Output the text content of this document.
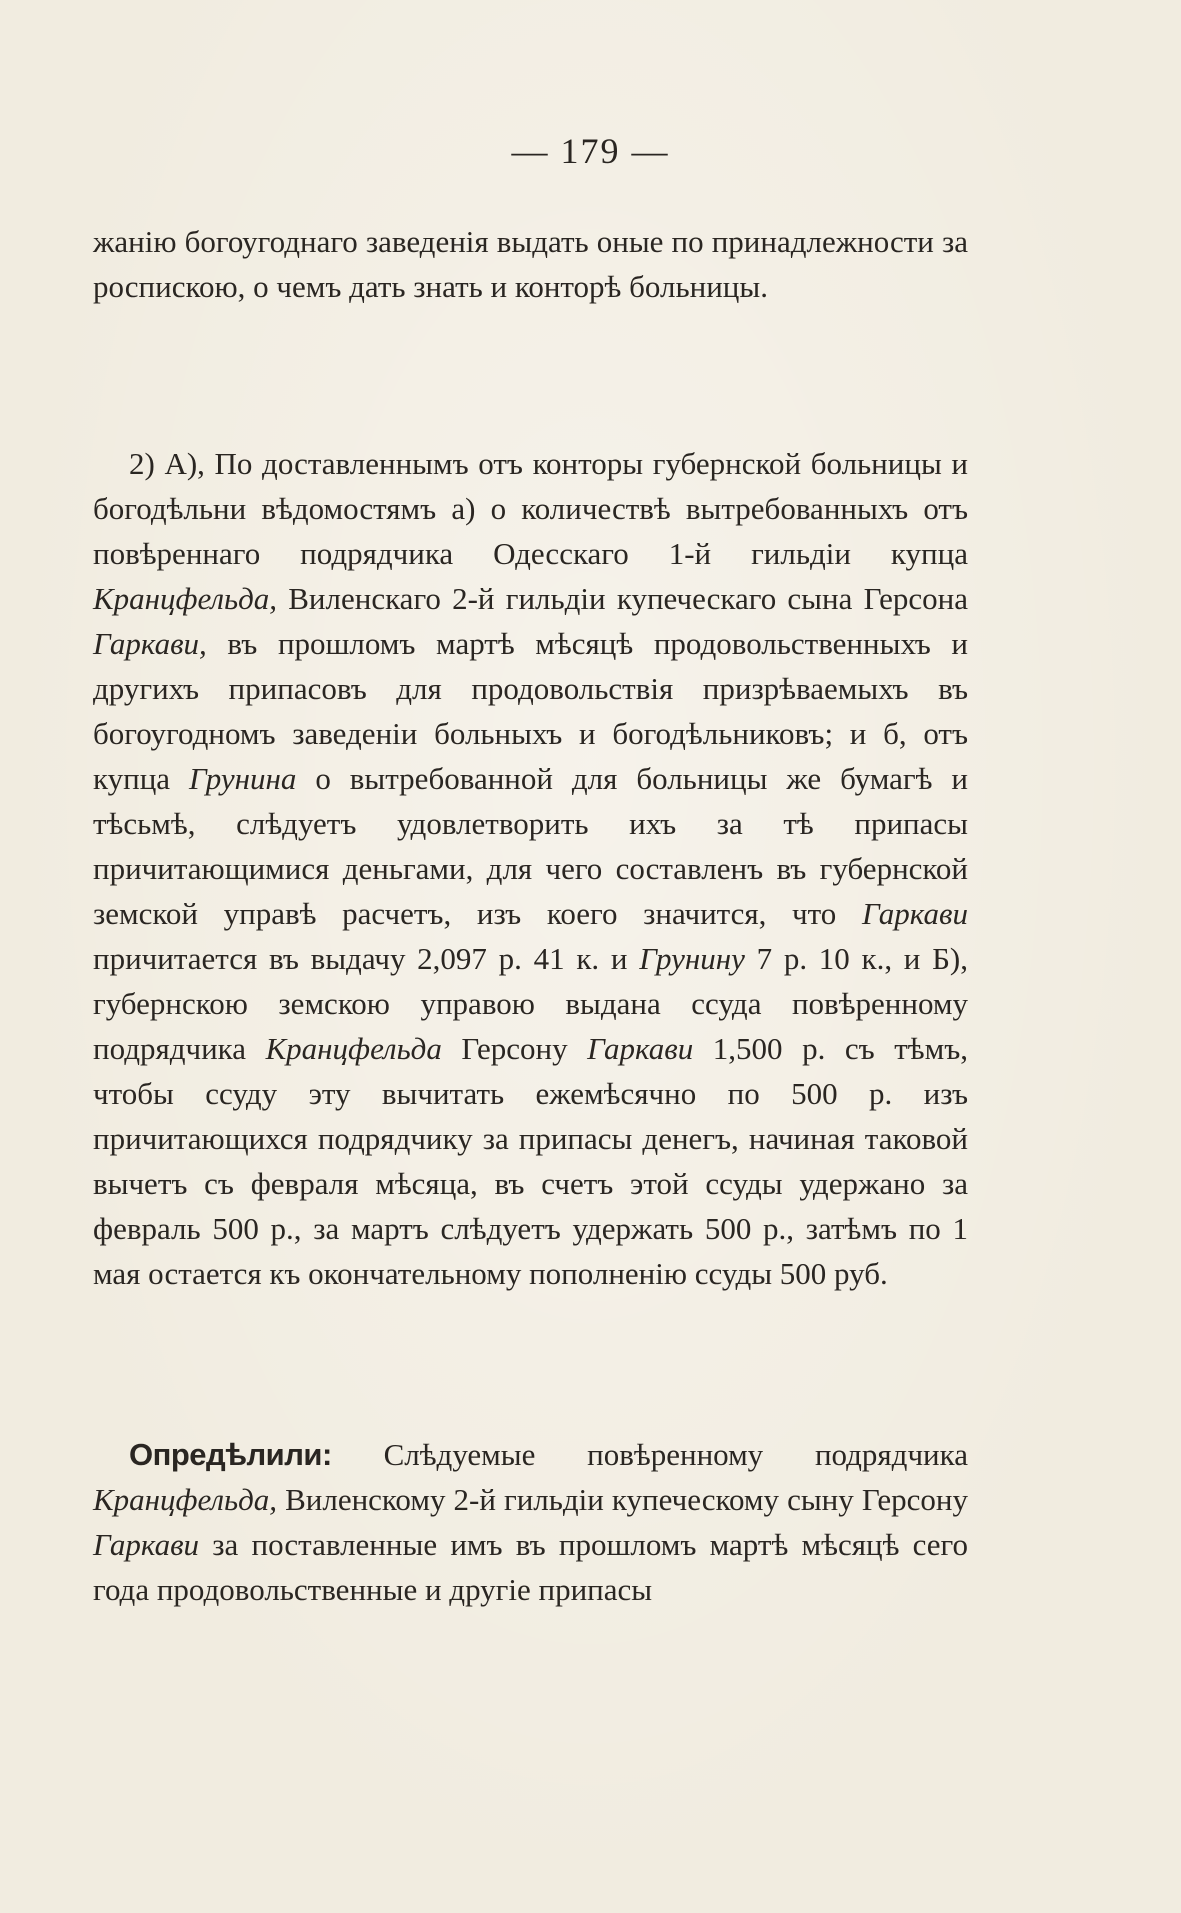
— 179 —

жанію богоугоднаго заведенія выдать оные по принадлежности за роспискою, о чемъ дать знать и конторѣ больницы.

2) А), По доставленнымъ отъ конторы губернской больницы и богодѣльни вѣдомостямъ а) о количествѣ вытребованныхъ отъ повѣреннаго подрядчика Одесскаго 1-й гильдіи купца Кранцфельда, Виленскаго 2-й гильдіи купеческаго сына Герсона Гаркави, въ прошломъ мартѣ мѣсяцѣ продовольственныхъ и другихъ припасовъ для продовольствія призрѣваемыхъ въ богоугодномъ заведеніи больныхъ и богодѣльниковъ; и б, отъ купца Грунина о вытребованной для больницы же бумагѣ и тѣсьмѣ, слѣдуетъ удовлетворить ихъ за тѣ припасы причитающимися деньгами, для чего составленъ въ губернской земской управѣ расчетъ, изъ коего значится, что Гаркави причитается въ выдачу 2,097 р. 41 к. и Грунину 7 р. 10 к., и Б), губернскою земскою управою выдана ссуда повѣренному подрядчика Кранцфельда Герсону Гаркави 1,500 р. съ тѣмъ, чтобы ссуду эту вычитать ежемѣсячно по 500 р. изъ причитающихся подрядчику за припасы денегъ, начиная таковой вычетъ съ февраля мѣсяца, въ счетъ этой ссуды удержано за февраль 500 р., за мартъ слѣдуетъ удержать 500 р., затѣмъ по 1 мая остается къ окончательному пополненію ссуды 500 руб.

Опредѣлили: Слѣдуемые повѣренному подрядчика Кранцфельда, Виленскому 2-й гильдіи купеческому сыну Герсону Гаркави за поставленные имъ въ прошломъ мартѣ мѣсяцѣ сего года продовольственные и другіе припасы
